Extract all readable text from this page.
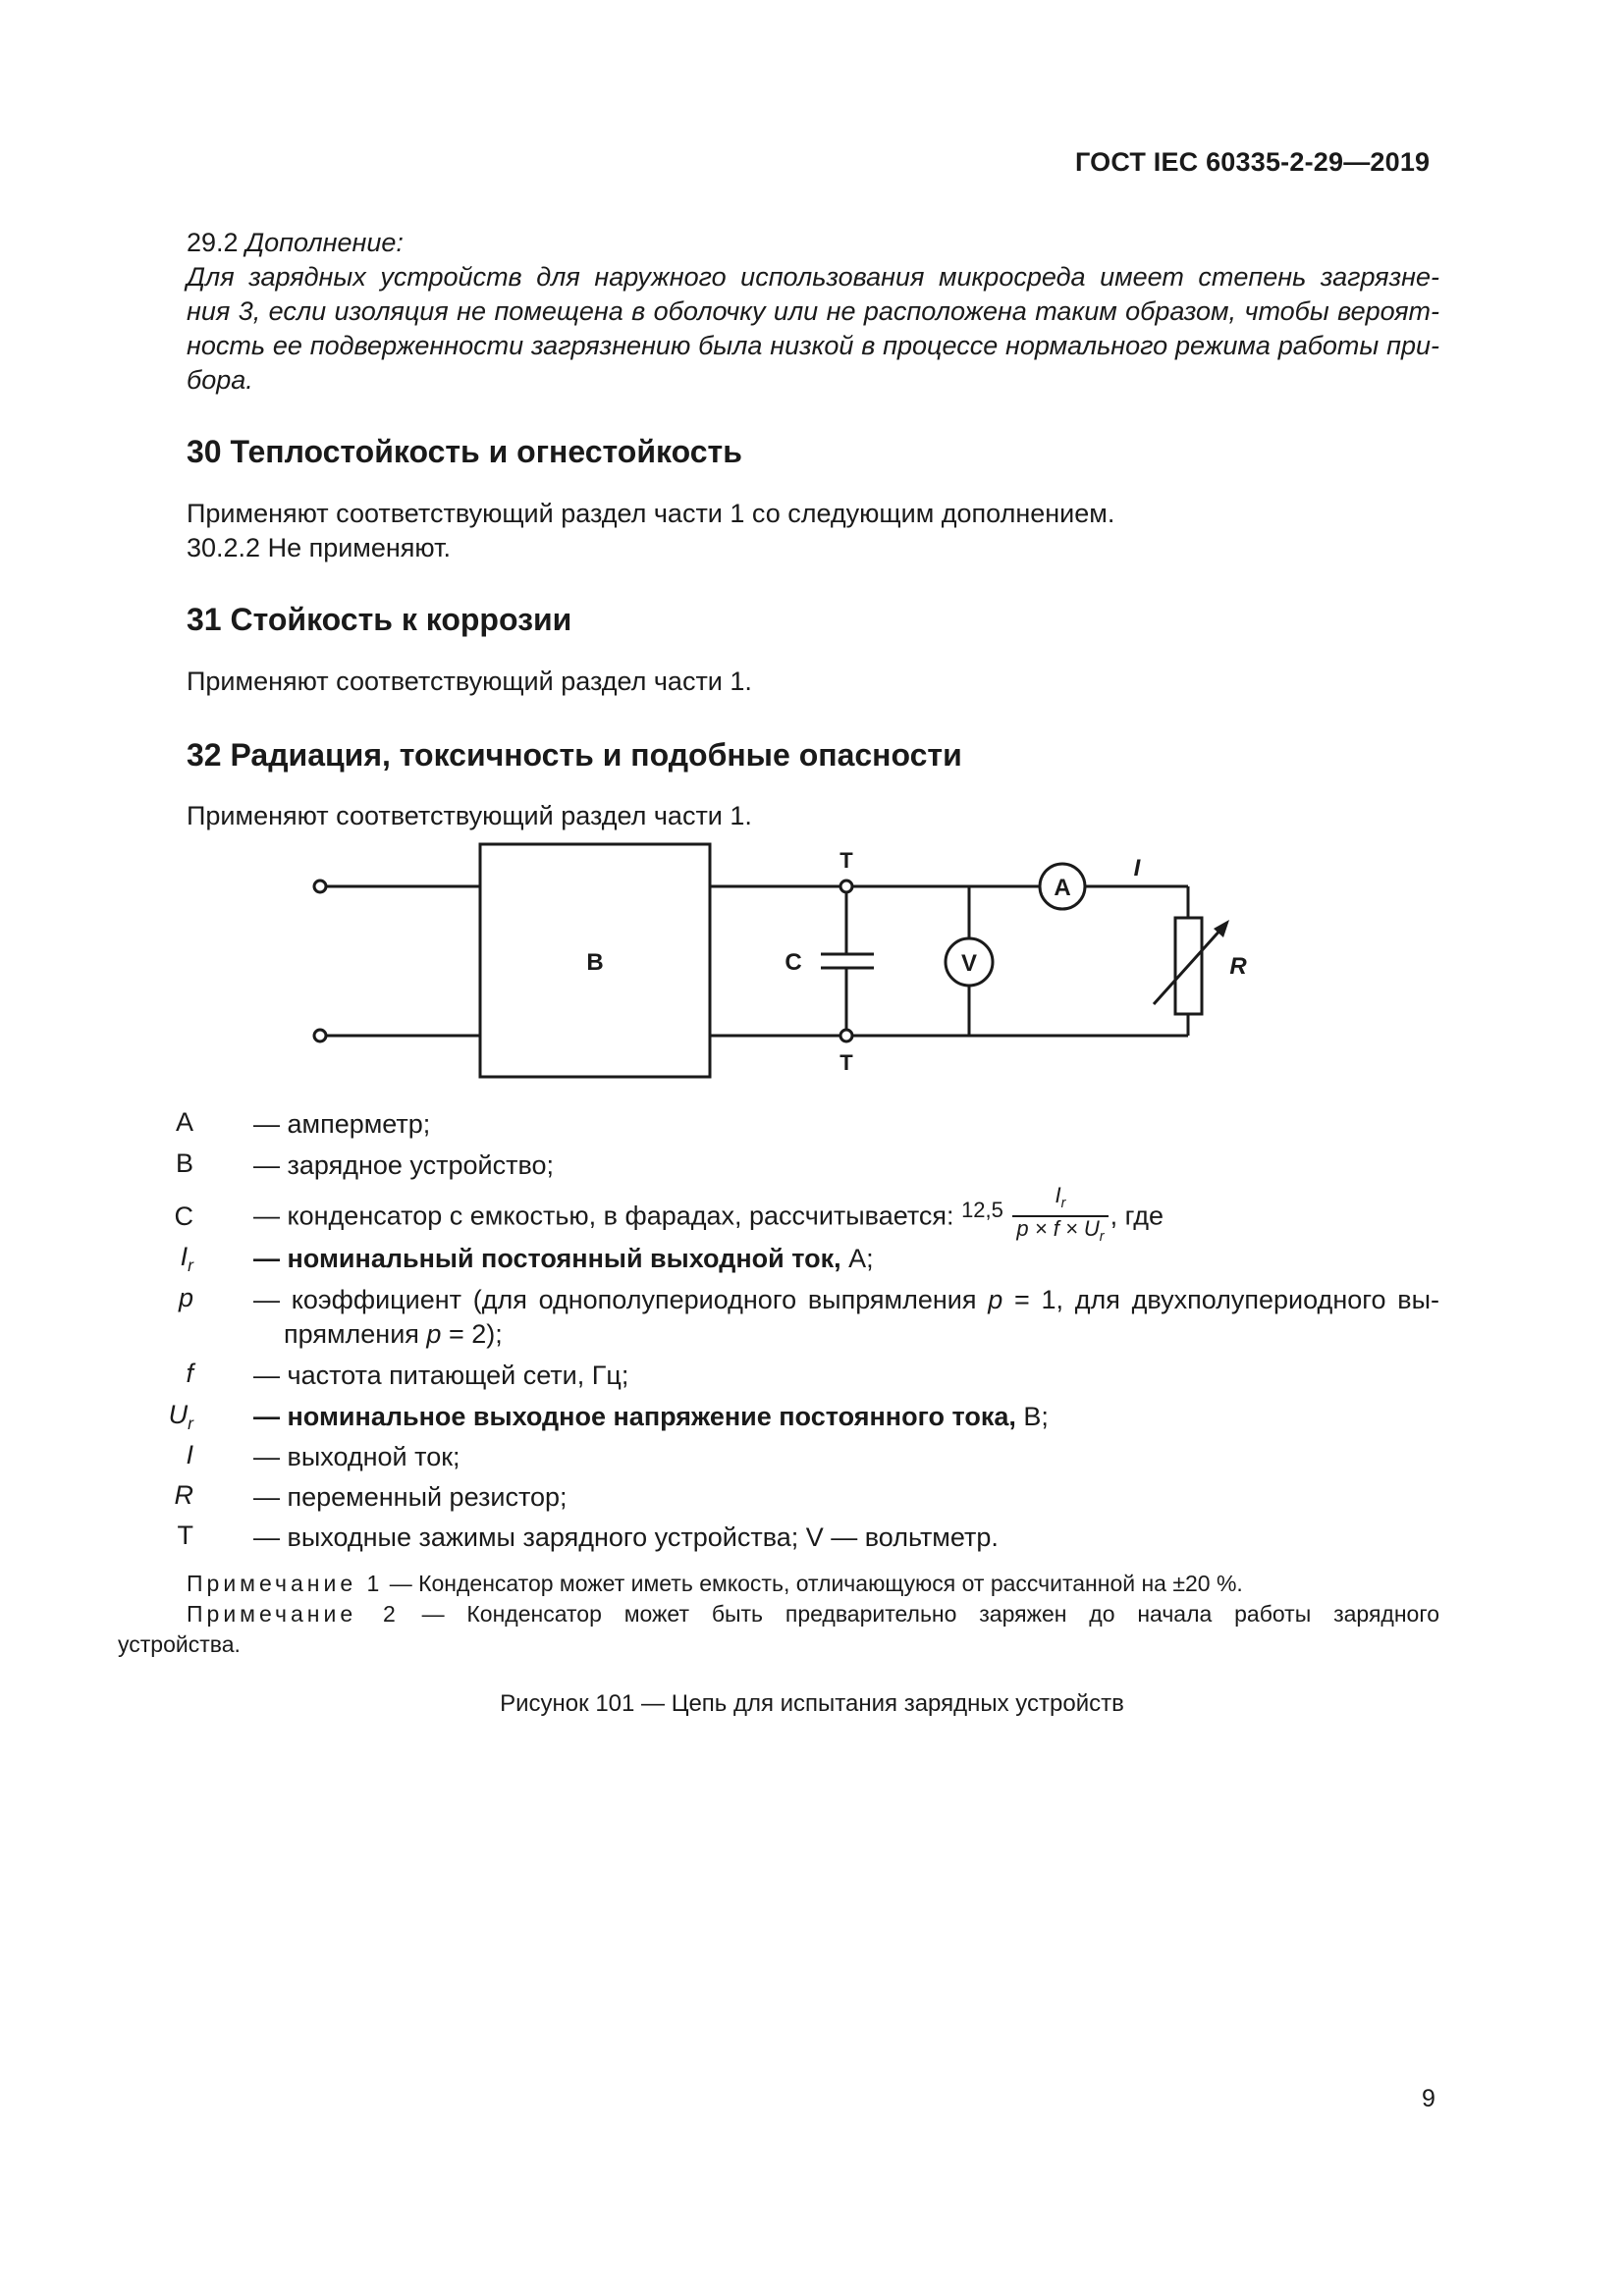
ГОСТ IEC 60335-2-29—2019
29.2 Дополнение:
Для зарядных устройств для наружного использования микросреда имеет степень загрязне-
ния 3, если изоляция не помещена в оболочку или не расположена таким образом, чтобы вероят-
ность ее подверженности загрязнению была низкой в процессе нормального режима работы при-
бора.
30 Теплостойкость и огнестойкость
Применяют соответствующий раздел части 1 со следующим дополнением.
30.2.2 Не применяют.
31 Стойкость к коррозии
Применяют соответствующий раздел части 1.
32 Радиация, токсичность и подобные опасности
Применяют соответствующий раздел части 1.
B	C	V
A
T
T
I
R
A — амперметр;
B — зарядное устройство;
C — конденсатор с емкостью, в фарадах, рассчитывается: $^{12,5} \frac{I_r}{p \times f \times U_r}$ , где
$I_r$ — номинальный постоянный выходной ток, А;
p — коэффициент (для однополупериодного выпрямления p = 1, для двухполупериодного вы-
прямления p = 2);
f — частота питающей сети, Гц;
$U_r$ — номинальное выходное напряжение постоянного тока, В;
I — выходной ток;
R — переменный резистор;
T — выходные зажимы зарядного устройства; V — вольтметр.
Примечание 1 — Конденсатор может иметь емкость, отличающуюся от рассчитанной на ±20 %.
Примечание 2 — Конденсатор может быть предварительно заряжен до начала работы зарядного
устройства.
Рисунок 101 — Цепь для испытания зарядных устройств
9
